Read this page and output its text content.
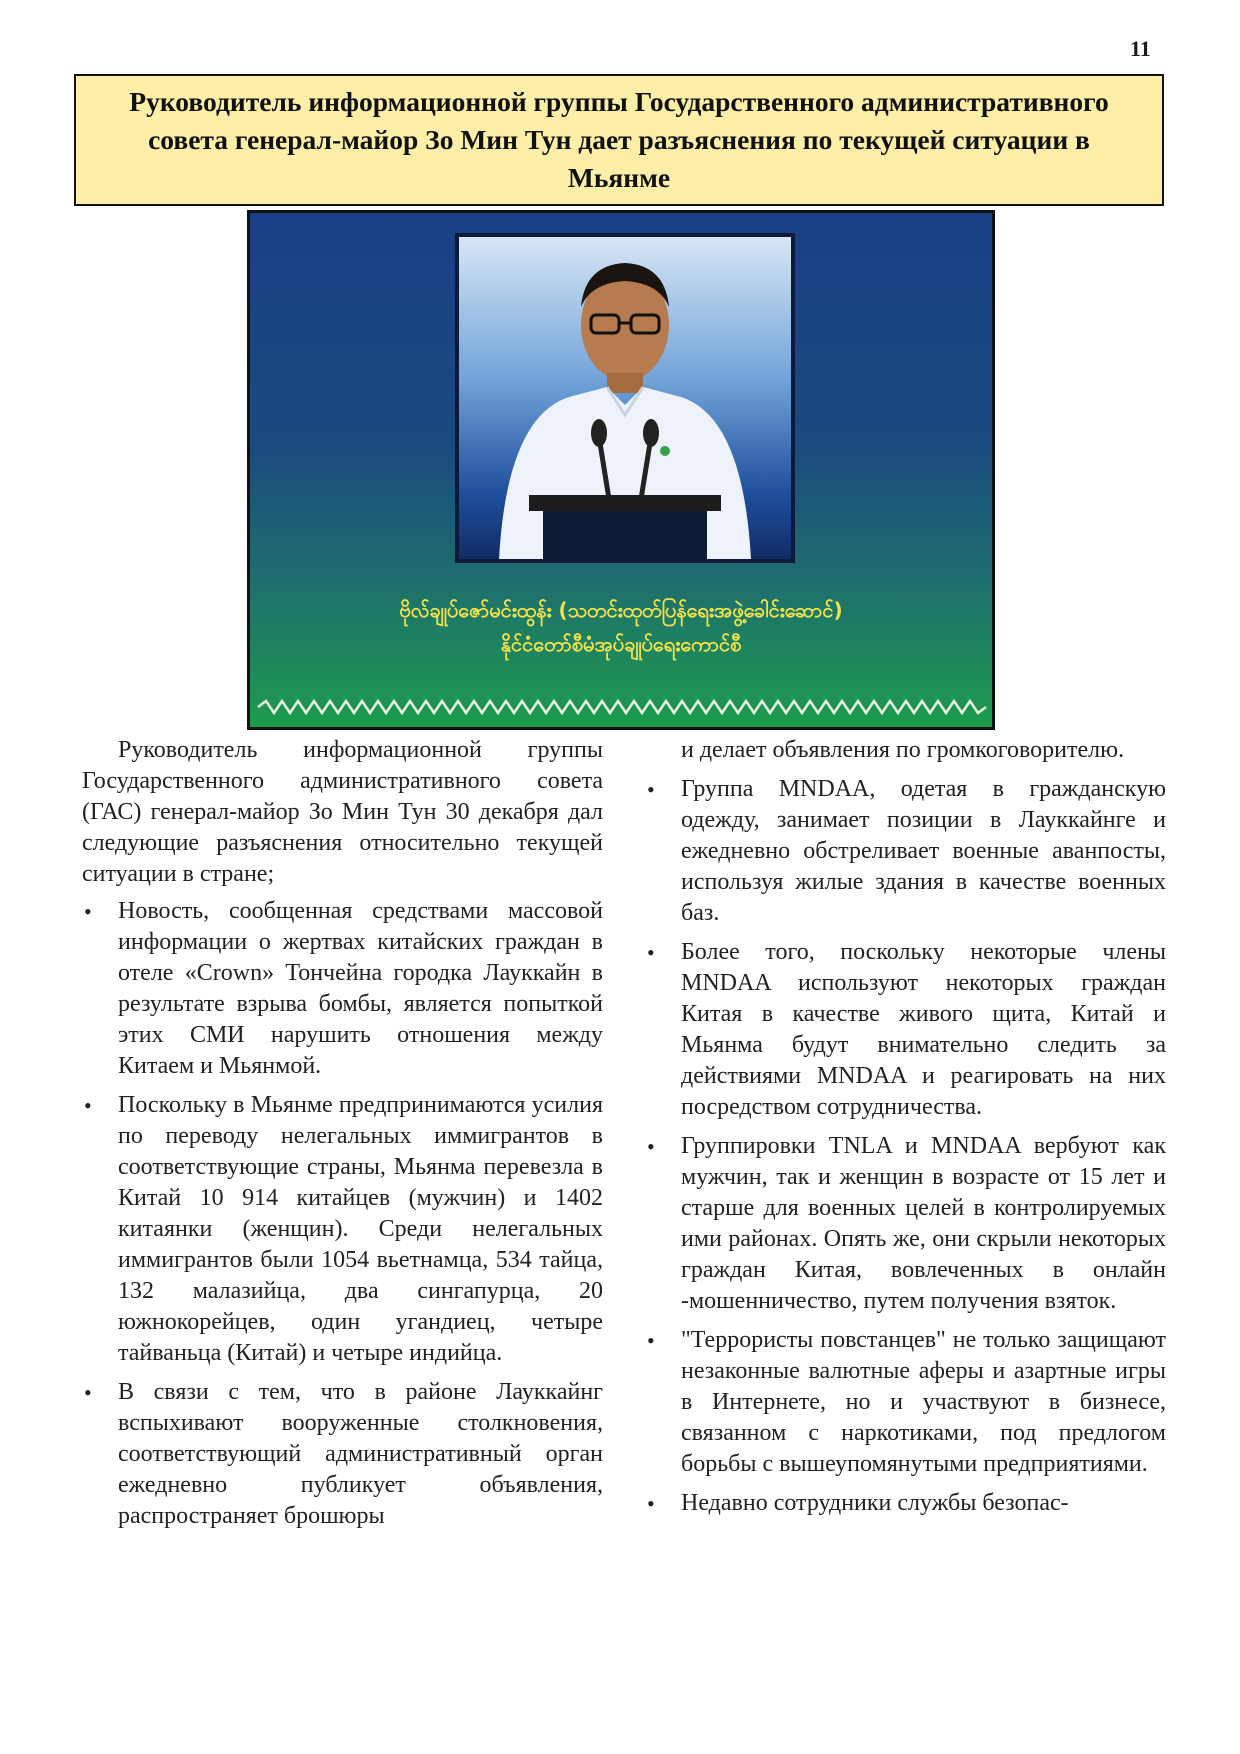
11
Руководитель информационной группы Государственного административного совета генерал-майор Зо Мин Тун дает разъяснения по текущей ситуации в Мьянме
ဗိုလ်ချုပ်ဇော်မင်းထွန်း (သတင်းထုတ်ပြန်ရေးအဖွဲ့ခေါင်းဆောင်)
နိုင်ငံတော်စီမံအုပ်ချုပ်ရေးကောင်စီ

Руководитель информационной группы Государственного административного совета (ГАС) генерал-майор Зо Мин Тун 30 декабря дал следующие разъяснения относительно текущей ситуации в стране;

• Новость, сообщенная средствами массовой информации о жертвах китайских граждан в отеле «Crown» Тончейна городка Лауккайн в результате взрыва бомбы, является попыткой этих СМИ нарушить отношения между Китаем и Мьянмой.
• Поскольку в Мьянме предпринимаются усилия по переводу нелегальных иммигрантов в соответствующие страны, Мьянма перевезла в Китай 10 914 китайцев (мужчин) и 1402 китаянки (женщин). Среди нелегальных иммигрантов были 1054 вьетнамца, 534 тайца, 132 малазийца, два сингапурца, 20 южнокорейцев, один угандиец, четыре тайваньца (Китай) и четыре индийца.
• В связи с тем, что в районе Лауккайнг вспыхивают вооруженные столкновения, соответствующий административный орган ежедневно публикует объявления, распространяет брошюры

и делает объявления по громкоговорителю.

• Группа MNDAA, одетая в гражданскую одежду, занимает позиции в Лауккайнге и ежедневно обстреливает военные аванпосты, используя жилые здания в качестве военных баз.
• Более того, поскольку некоторые члены MNDAA используют некоторых граждан Китая в качестве живого щита, Китай и Мьянма будут внимательно следить за действиями MNDAA и реагировать на них посредством сотрудничества.
• Группировки TNLA и MNDAA вербуют как мужчин, так и женщин в возрасте от 15 лет и старше для военных целей в контролируемых ими районах. Опять же, они скрыли некоторых граждан Китая, вовлеченных в онлайн -мошенничество, путем получения взяток.
• "Террористы повстанцев" не только защищают незаконные валютные аферы и азартные игры в Интернете, но и участвуют в бизнесе, связанном с наркотиками, под предлогом борьбы с вышеупомянутыми предприятиями.
• Недавно сотрудники службы безопас-
